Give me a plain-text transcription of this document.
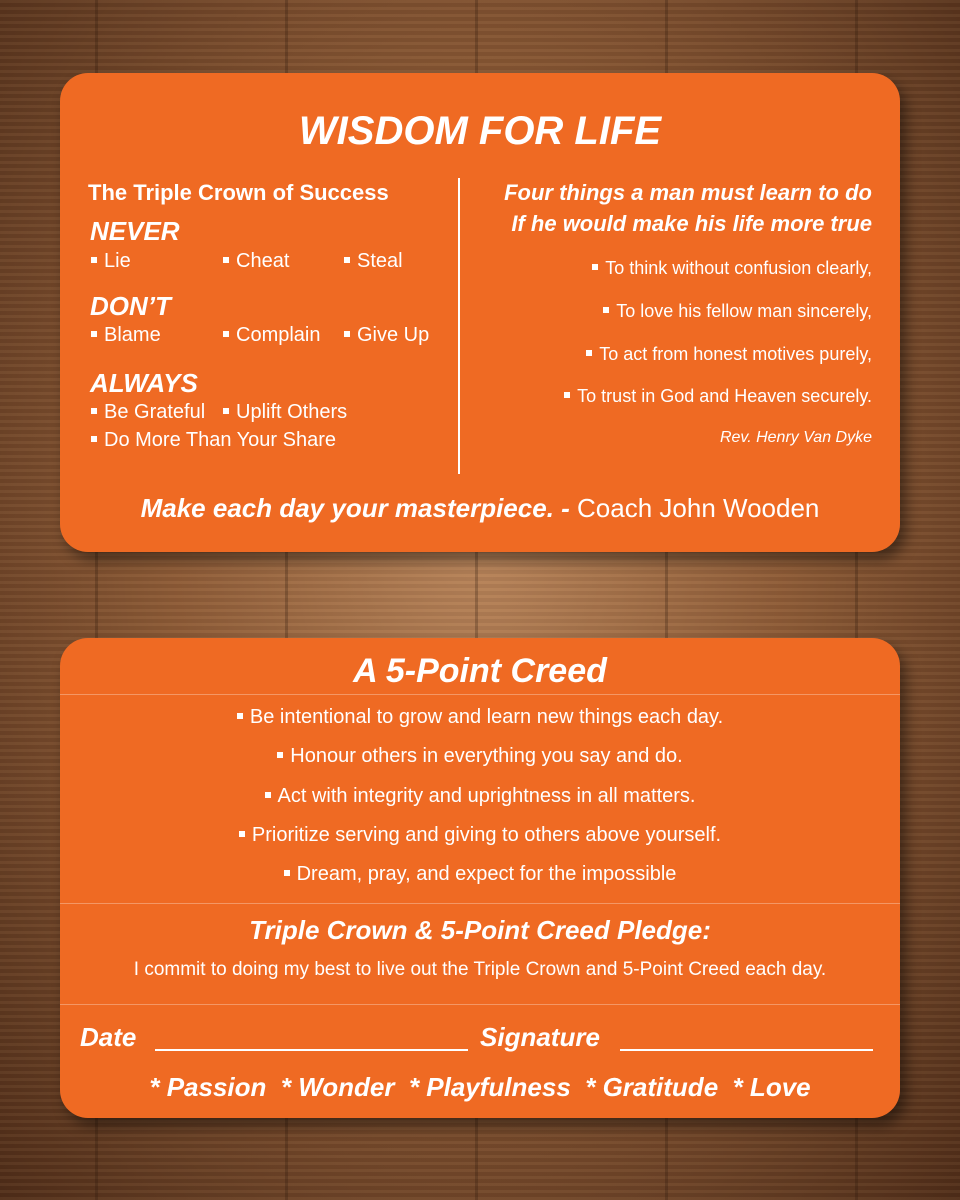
WISDOM FOR LIFE
The Triple Crown of Success
NEVER
Lie	Cheat	Steal
DON’T
Blame	Complain	Give Up
ALWAYS
Be Grateful	Uplift Others
Do More Than Your Share
Four things a man must learn to do
If he would make his life more true
To think without confusion clearly,
To love his fellow man sincerely,
To act from honest motives purely,
To trust in God and Heaven securely.
Rev. Henry Van Dyke
Make each day your masterpiece. - Coach John Wooden
A 5-Point Creed
Be intentional to grow and learn new things each day.
Honour others in everything you say and do.
Act with integrity and uprightness in all matters.
Prioritize serving and giving to others above yourself.
Dream, pray, and expect for the impossible
Triple Crown & 5-Point Creed Pledge:
I commit to doing my best to live out the Triple Crown and 5-Point Creed each day.
Date	Signature
* Passion  * Wonder  * Playfulness  * Gratitude  * Love
